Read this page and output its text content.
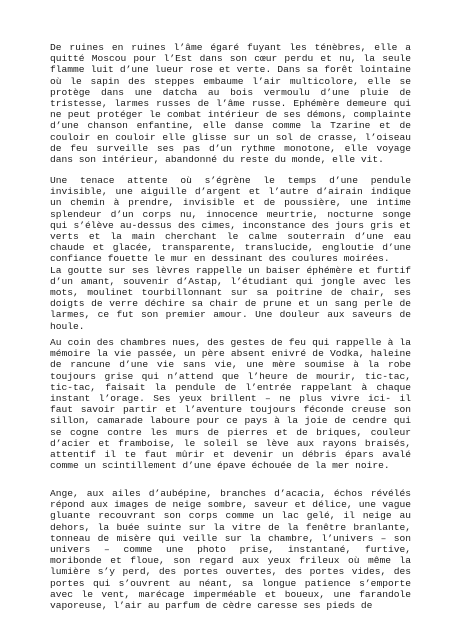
De ruines en ruines l’âme égaré fuyant les ténèbres, elle a quitté Moscou pour l’Est dans son cœur perdu et nu, la seule flamme luit d’une lueur rose et verte. Dans sa forêt lointaine où le sapin des steppes embaume l’air multicolore, elle se protège dans une datcha au bois vermoulu d’une pluie de tristesse, larmes russes de l’âme russe. Ephémère demeure qui ne peut protéger le combat intérieur de ses démons, complainte d’une chanson enfantine, elle danse comme la Tzarine et de couloir en couloir elle glisse sur un sol de crasse, l’oiseau de feu surveille ses pas d’un rythme monotone, elle voyage dans son intérieur, abandonné du reste du monde, elle vit.

Une tenace attente où s’égrène le temps d’une pendule invisible, une aiguille d’argent et l’autre d’airain indique un chemin à prendre, invisible et de poussière, une intime splendeur d’un corps nu, innocence meurtrie, nocturne songe qui s’élève au-dessus des cimes, inconstance des jours gris et verts et la main cherchant le calme souterrain d’une eau chaude et glacée, transparente, translucide, engloutie d’une confiance fouette le mur en dessinant des coulures moirées.

La goutte sur ses lèvres rappelle un baiser éphémère et furtif d’un amant, souvenir d’Astap, l’étudiant qui jongle avec les mots, moulinet tourbillonnant sur sa poitrine de chair, ses doigts de verre déchire sa chair de prune et un sang perle de larmes, ce fut son premier amour. Une douleur aux saveurs de houle.

Au coin des chambres nues, des gestes de feu qui rappelle à la mémoire la vie passée, un père absent enivré de Vodka, haleine de rancune d’une vie sans vie, une mère soumise à la robe toujours grise qui n’attend que l’heure de mourir, tic-tac, tic-tac, faisait la pendule de l’entrée rappelant à chaque instant l’orage. Ses yeux brillent – ne plus vivre ici- il faut savoir partir et l’aventure toujours féconde creuse son sillon, camarade laboure pour ce pays à la joie de cendre qui se cogne contre les murs de pierres et de briques, couleur d’acier et framboise, le soleil se lève aux rayons braisés, attentif il te faut mûrir et devenir un débris épars avalé comme un scintillement d’une épave échouée de la mer noire.

Ange, aux ailes d’aubépine, branches d’acacia, échos révélés répond aux images de neige sombre, saveur et délice, une vague gluante recouvrant son corps comme un lac gelé, il neige au dehors, la buée suinte sur la vitre de la fenêtre branlante, tonneau de misère qui veille sur la chambre, l’univers – son univers – comme une photo prise, instantané, furtive, moribonde et floue, son regard aux yeux frileux où même la lumière s’y perd, des portes ouvertes, des portes vides, des portes qui s’ouvrent au néant, sa longue patience s’emporte avec le vent, marécage imperméable et boueux, une farandole vaporeuse, l’air au parfum de cèdre caresse ses pieds de
